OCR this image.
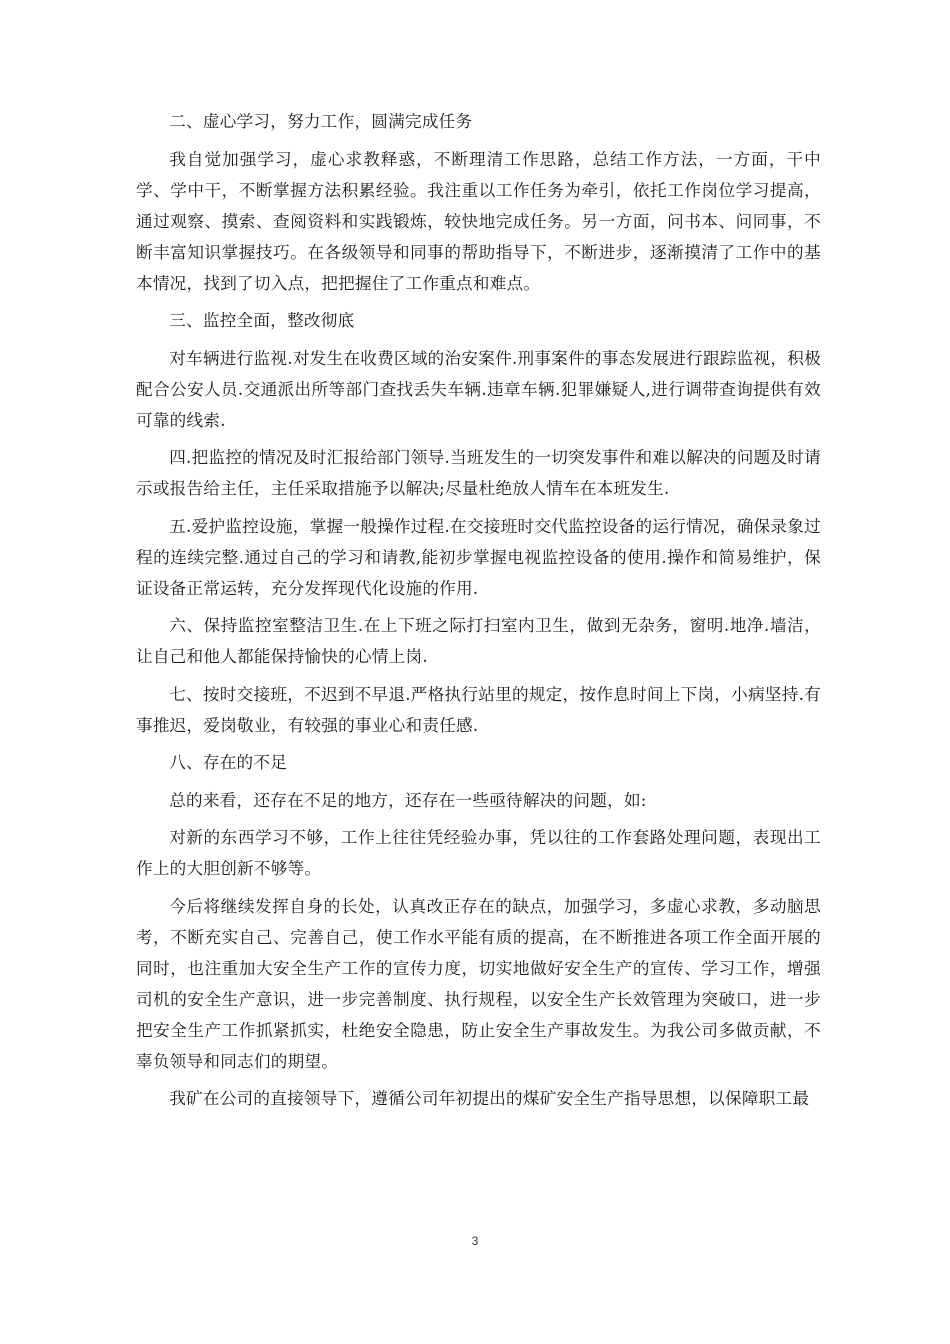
二、虚心学习，努力工作，圆满完成任务

我自觉加强学习，虚心求教释惑，不断理清工作思路，总结工作方法，一方面，干中学、学中干，不断掌握方法积累经验。我注重以工作任务为牵引，依托工作岗位学习提高，通过观察、摸索、查阅资料和实践锻炼，较快地完成任务。另一方面，问书本、问同事，不断丰富知识掌握技巧。在各级领导和同事的帮助指导下，不断进步，逐渐摸清了工作中的基本情况，找到了切入点，把把握住了工作重点和难点。

三、监控全面，整改彻底

对车辆进行监视.对发生在收费区域的治安案件.刑事案件的事态发展进行跟踪监视，积极配合公安人员.交通派出所等部门查找丢失车辆.违章车辆.犯罪嫌疑人,进行调带查询提供有效可靠的线索.

四.把监控的情况及时汇报给部门领导.当班发生的一切突发事件和难以解决的问题及时请示或报告给主任，主任采取措施予以解决;尽量杜绝放人情车在本班发生.

五.爱护监控设施，掌握一般操作过程.在交接班时交代监控设备的运行情况，确保录象过程的连续完整.通过自己的学习和请教,能初步掌握电视监控设备的使用.操作和简易维护，保证设备正常运转，充分发挥现代化设施的作用.

六、保持监控室整洁卫生.在上下班之际打扫室内卫生，做到无杂务，窗明.地净.墙洁，让自己和他人都能保持愉快的心情上岗.

七、按时交接班，不迟到不早退.严格执行站里的规定，按作息时间上下岗，小病坚持.有事推迟，爱岗敬业，有较强的事业心和责任感.

八、存在的不足

总的来看，还存在不足的地方，还存在一些亟待解决的问题，如:

对新的东西学习不够，工作上往往凭经验办事，凭以往的工作套路处理问题，表现出工作上的大胆创新不够等。

今后将继续发挥自身的长处，认真改正存在的缺点，加强学习，多虚心求教，多动脑思考，不断充实自己、完善自己，使工作水平能有质的提高，在不断推进各项工作全面开展的同时，也注重加大安全生产工作的宣传力度，切实地做好安全生产的宣传、学习工作，增强司机的安全生产意识，进一步完善制度、执行规程，以安全生产长效管理为突破口，进一步把安全生产工作抓紧抓实，杜绝安全隐患，防止安全生产事故发生。为我公司多做贡献，不辜负领导和同志们的期望。

我矿在公司的直接领导下，遵循公司年初提出的煤矿安全生产指导思想，以保障职工最

3
